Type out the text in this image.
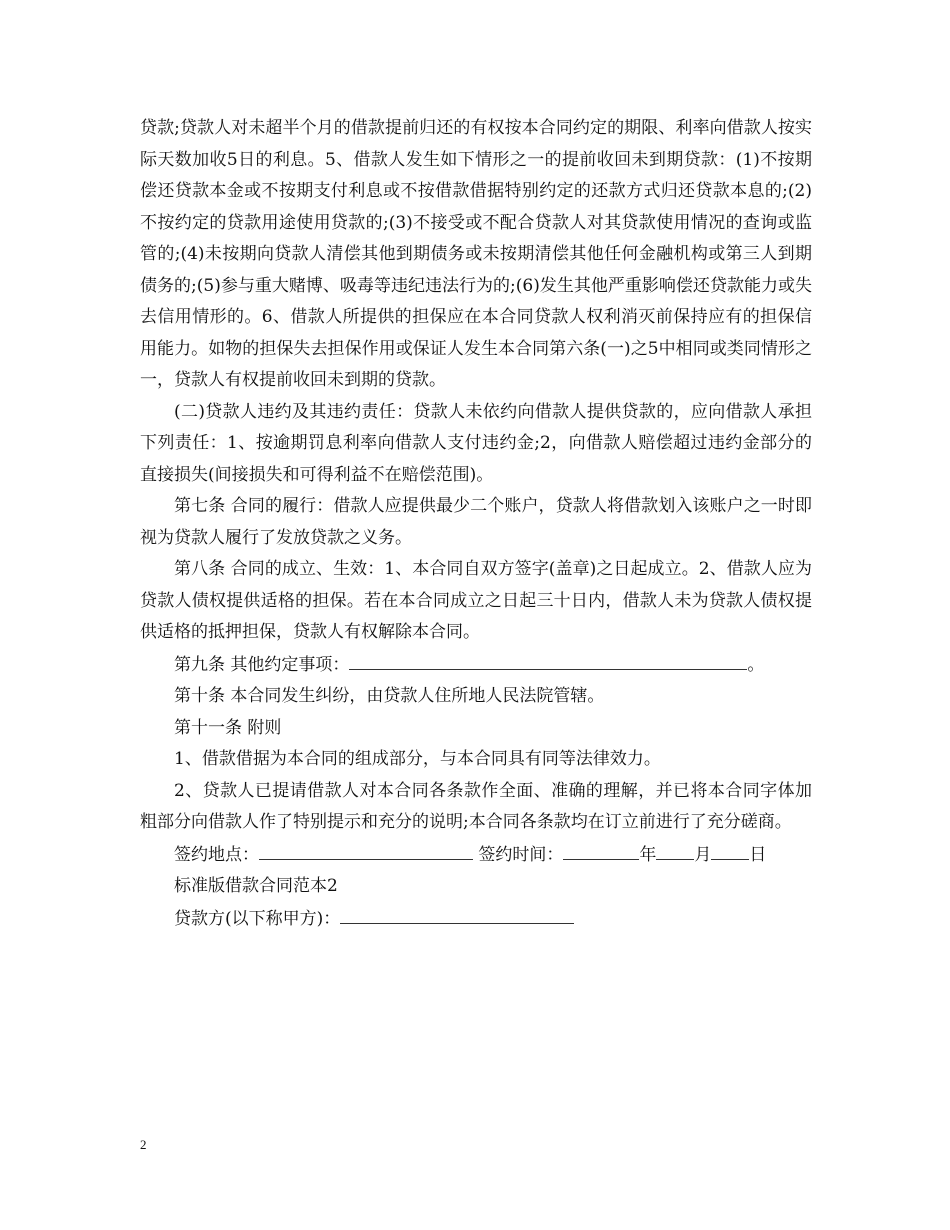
贷款;贷款人对未超半个月的借款提前归还的有权按本合同约定的期限、利率向借款人按实际天数加收5日的利息。5、借款人发生如下情形之一的提前收回未到期贷款：(1)不按期偿还贷款本金或不按期支付利息或不按借款借据特别约定的还款方式归还贷款本息的;(2)不按约定的贷款用途使用贷款的;(3)不接受或不配合贷款人对其贷款使用情况的查询或监管的;(4)未按期向贷款人清偿其他到期债务或未按期清偿其他任何金融机构或第三人到期债务的;(5)参与重大赌博、吸毒等违纪违法行为的;(6)发生其他严重影响偿还贷款能力或失去信用情形的。6、借款人所提供的担保应在本合同贷款人权利消灭前保持应有的担保信用能力。如物的担保失去担保作用或保证人发生本合同第六条(一)之5中相同或类同情形之一，贷款人有权提前收回未到期的贷款。

(二)贷款人违约及其违约责任：贷款人未依约向借款人提供贷款的，应向借款人承担下列责任：1、按逾期罚息利率向借款人支付违约金;2，向借款人赔偿超过违约金部分的直接损失(间接损失和可得利益不在赔偿范围)。

第七条 合同的履行：借款人应提供最少二个账户，贷款人将借款划入该账户之一时即视为贷款人履行了发放贷款之义务。

第八条 合同的成立、生效：1、本合同自双方签字(盖章)之日起成立。2、借款人应为贷款人债权提供适格的担保。若在本合同成立之日起三十日内，借款人未为贷款人债权提供适格的抵押担保，贷款人有权解除本合同。

第九条 其他约定事项：	。

第十条 本合同发生纠纷，由贷款人住所地人民法院管辖。

第十一条 附则

1、借款借据为本合同的组成部分，与本合同具有同等法律效力。

2、贷款人已提请借款人对本合同各条款作全面、准确的理解，并已将本合同字体加粗部分向借款人作了特别提示和充分的说明;本合同各条款均在订立前进行了充分磋商。

签约地点：	签约时间：	年 月 日

标准版借款合同范本2

贷款方(以下称甲方)：

2
